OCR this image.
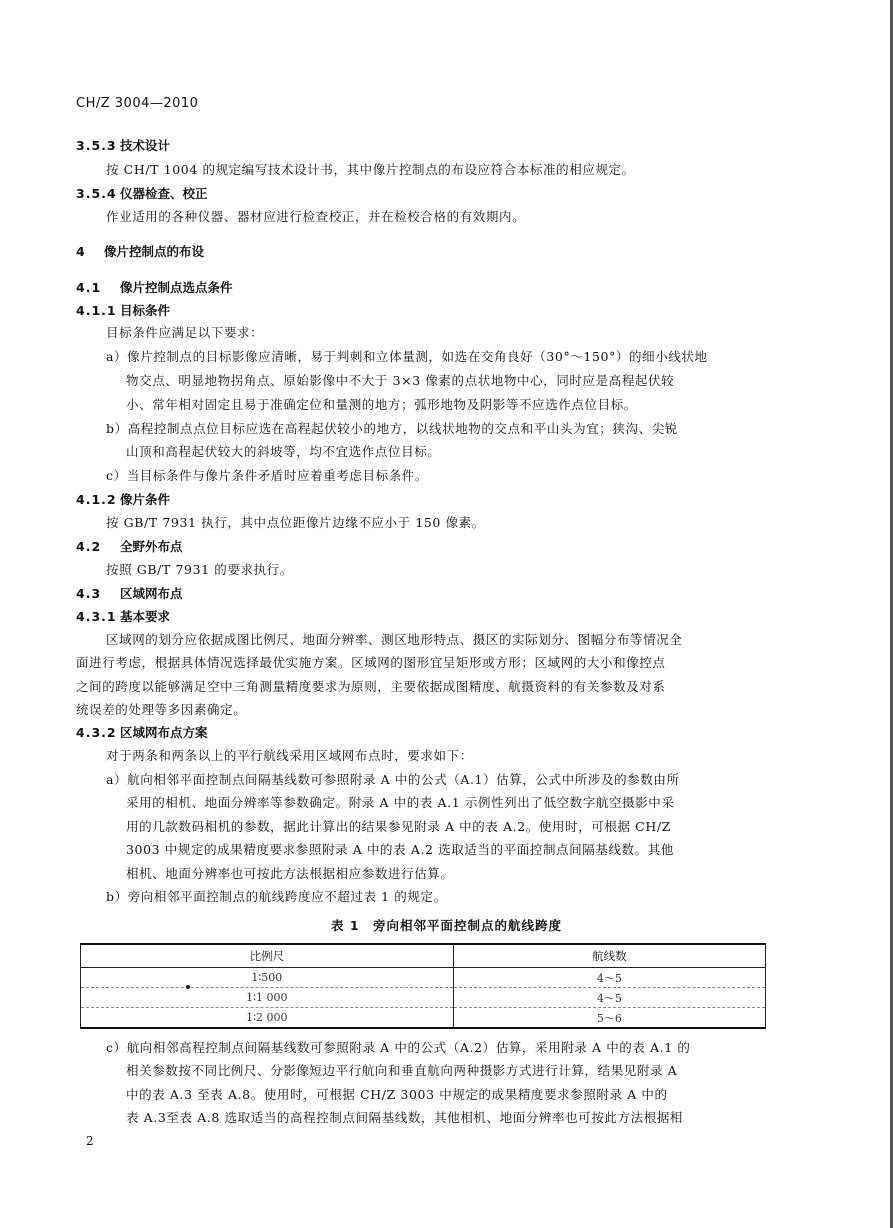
CH/Z 3004—2010
3.5.3 技术设计
按 CH/T 1004 的规定编写技术设计书，其中像片控制点的布设应符合本标准的相应规定。
3.5.4 仪器检查、校正
作业适用的各种仪器、器材应进行检查校正，并在检校合格的有效期内。
4 像片控制点的布设
4.1 像片控制点选点条件
4.1.1 目标条件
目标条件应满足以下要求：
a）像片控制点的目标影像应清晰，易于判刺和立体量测，如选在交角良好（30°～150°）的细小线状地
物交点、明显地物拐角点、原始影像中不大于 3×3 像素的点状地物中心，同时应是高程起伏较
小、常年相对固定且易于准确定位和量测的地方；弧形地物及阴影等不应选作点位目标。
b）高程控制点点位目标应选在高程起伏较小的地方，以线状地物的交点和平山头为宜；狭沟、尖锐
山顶和高程起伏较大的斜坡等，均不宜选作点位目标。
c）当目标条件与像片条件矛盾时应着重考虑目标条件。
4.1.2 像片条件
按 GB/T 7931 执行，其中点位距像片边缘不应小于 150 像素。
4.2 全野外布点
按照 GB/T 7931 的要求执行。
4.3 区域网布点
4.3.1 基本要求
区域网的划分应依据成图比例尺、地面分辨率、测区地形特点、摄区的实际划分、图幅分布等情况全
面进行考虑，根据具体情况选择最优实施方案。区域网的图形宜呈矩形或方形；区域网的大小和像控点
之间的跨度以能够满足空中三角测量精度要求为原则，主要依据成图精度、航摄资料的有关参数及对系
统误差的处理等多因素确定。
4.3.2 区域网布点方案
对于两条和两条以上的平行航线采用区域网布点时，要求如下：
a）航向相邻平面控制点间隔基线数可参照附录 A 中的公式（A.1）估算，公式中所涉及的参数由所
采用的相机、地面分辨率等参数确定。附录 A 中的表 A.1 示例性列出了低空数字航空摄影中采
用的几款数码相机的参数，据此计算出的结果参见附录 A 中的表 A.2。使用时，可根据 CH/Z
3003 中规定的成果精度要求参照附录 A 中的表 A.2 选取适当的平面控制点间隔基线数。其他
相机、地面分辨率也可按此方法根据相应参数进行估算。
b）旁向相邻平面控制点的航线跨度应不超过表 1 的规定。
表 1　旁向相邻平面控制点的航线跨度
比例尺	航线数
1∶500	4～5
1∶1 000	4～5
1∶2 000	5～6
c）航向相邻高程控制点间隔基线数可参照附录 A 中的公式（A.2）估算，采用附录 A 中的表 A.1 的
相关参数按不同比例尺、分影像短边平行航向和垂直航向两种摄影方式进行计算，结果见附录 A
中的表 A.3 至表 A.8。使用时，可根据 CH/Z 3003 中规定的成果精度要求参照附录 A 中的
表 A.3至表 A.8 选取适当的高程控制点间隔基线数，其他相机、地面分辨率也可按此方法根据相
2
